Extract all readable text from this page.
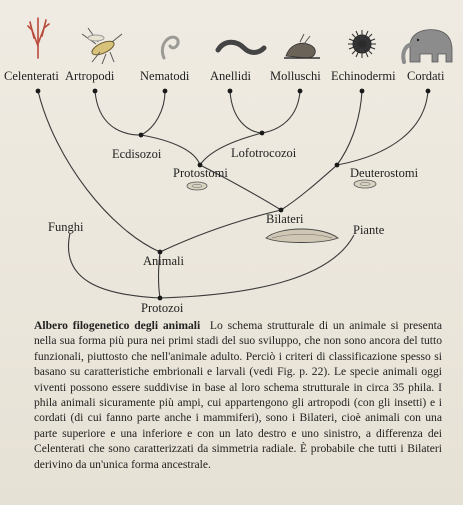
Celenterati Artropodi Nematodi Anellidi Molluschi Echinodermi Cordati
Ecdisozoi	Lofotrocozoi
Protostomi	Deuterostomi
Bilateri
Funghi	Piante
Animali
Protozoi
Albero filogenetico degli animali Lo schema strutturale di un animale si presenta nella sua forma più pura nei primi stadi del suo sviluppo, che non sono ancora del tutto funzionali, piuttosto che nell'animale adulto. Perciò i criteri di classificazione spesso si basano su caratteristiche embrionali e larvali (vedi Fig. p. 22). Le specie animali oggi viventi possono essere suddivise in base al loro schema strutturale in circa 35 phila. I phila animali sicuramente più ampi, cui appartengono gli artropodi (con gli insetti) e i cordati (di cui fanno parte anche i mammiferi), sono i Bilateri, cioè animali con una parte superiore e una inferiore e con un lato destro e uno sinistro, a differenza dei Celenterati che sono caratterizzati da simmetria radiale. È probabile che tutti i Bilateri derivino da un'unica forma ancestrale.
